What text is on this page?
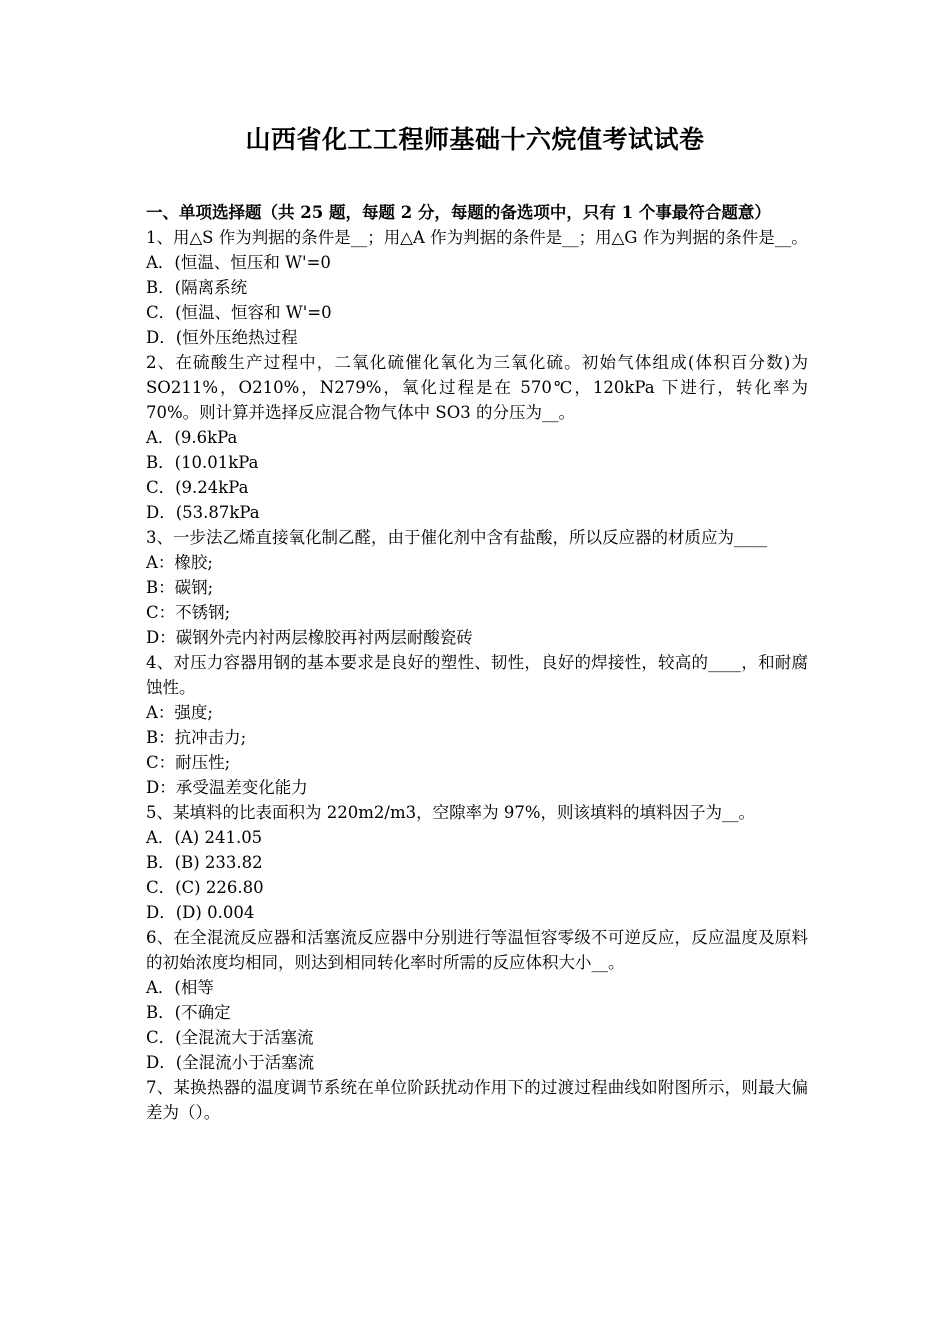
山西省化工工程师基础十六烷值考试试卷
一、单项选择题（共 25 题，每题 2 分，每题的备选项中，只有 1 个事最符合题意）
1、用△S 作为判据的条件是__；用△A 作为判据的条件是__；用△G 作为判据的条件是__。
A．(恒温、恒压和 W'=0
B．(隔离系统
C．(恒温、恒容和 W'=0
D．(恒外压绝热过程
2、在硫酸生产过程中，二氧化硫催化氧化为三氧化硫。初始气体组成(体积百分数)为 SO211%，O210%，N279%，氧化过程是在 570℃，120kPa 下进行，转化率为 70%。则计算并选择反应混合物气体中 SO3 的分压为__。
A．(9.6kPa
B．(10.01kPa
C．(9.24kPa
D．(53.87kPa
3、一步法乙烯直接氧化制乙醛，由于催化剂中含有盐酸，所以反应器的材质应为____
A：橡胶;
B：碳钢;
C：不锈钢;
D：碳钢外壳内衬两层橡胶再衬两层耐酸瓷砖
4、对压力容器用钢的基本要求是良好的塑性、韧性，良好的焊接性，较高的____，和耐腐蚀性。
A：强度;
B：抗冲击力;
C：耐压性;
D：承受温差变化能力
5、某填料的比表面积为 220m2/m3，空隙率为 97%，则该填料的填料因子为__。
A．(A) 241.05
B．(B) 233.82
C．(C) 226.80
D．(D) 0.004
6、在全混流反应器和活塞流反应器中分别进行等温恒容零级不可逆反应，反应温度及原料的初始浓度均相同，则达到相同转化率时所需的反应体积大小__。
A．(相等
B．(不确定
C．(全混流大于活塞流
D．(全混流小于活塞流
7、某换热器的温度调节系统在单位阶跃扰动作用下的过渡过程曲线如附图所示，则最大偏差为（）。
